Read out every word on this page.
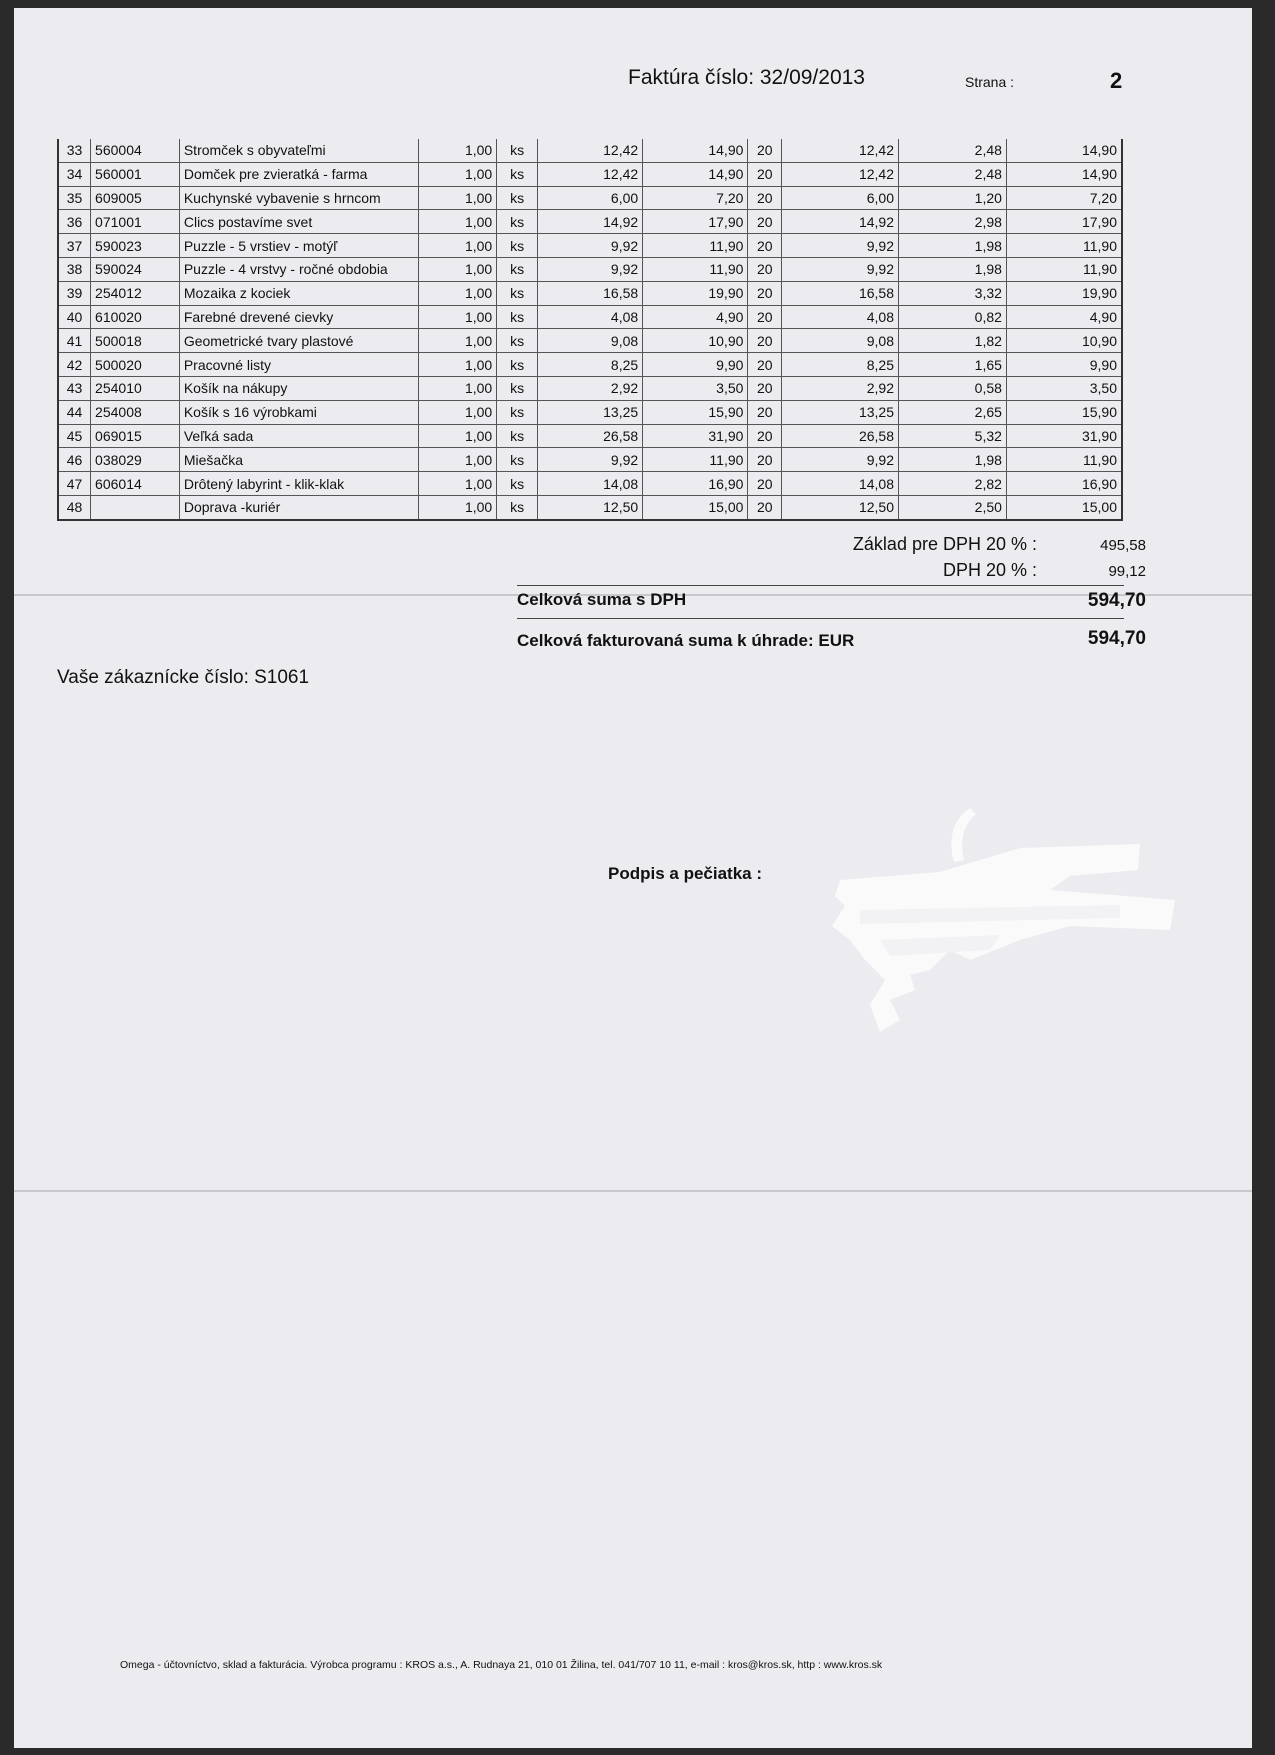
Faktúra číslo: 32/09/2013	Strana :	2
33	560004	Stromček s obyvateľmi	1,00	ks	12,42	14,90	20	12,42	2,48	14,90
34	560001	Domček pre zvieratká - farma	1,00	ks	12,42	14,90	20	12,42	2,48	14,90
35	609005	Kuchynské vybavenie s hrncom	1,00	ks	6,00	7,20	20	6,00	1,20	7,20
36	071001	Clics postavíme svet	1,00	ks	14,92	17,90	20	14,92	2,98	17,90
37	590023	Puzzle - 5 vrstiev - motýľ	1,00	ks	9,92	11,90	20	9,92	1,98	11,90
38	590024	Puzzle - 4 vrstvy - ročné obdobia	1,00	ks	9,92	11,90	20	9,92	1,98	11,90
39	254012	Mozaika z kociek	1,00	ks	16,58	19,90	20	16,58	3,32	19,90
40	610020	Farebné drevené cievky	1,00	ks	4,08	4,90	20	4,08	0,82	4,90
41	500018	Geometrické tvary plastové	1,00	ks	9,08	10,90	20	9,08	1,82	10,90
42	500020	Pracovné listy	1,00	ks	8,25	9,90	20	8,25	1,65	9,90
43	254010	Košík na nákupy	1,00	ks	2,92	3,50	20	2,92	0,58	3,50
44	254008	Košík s 16 výrobkami	1,00	ks	13,25	15,90	20	13,25	2,65	15,90
45	069015	Veľká sada	1,00	ks	26,58	31,90	20	26,58	5,32	31,90
46	038029	Miešačka	1,00	ks	9,92	11,90	20	9,92	1,98	11,90
47	606014	Drôtený labyrint - klik-klak	1,00	ks	14,08	16,90	20	14,08	2,82	16,90
48		Doprava -kuriér	1,00	ks	12,50	15,00	20	12,50	2,50	15,00
Základ pre DPH 20 % :	495,58
DPH 20 % :	99,12
Celková suma s DPH	594,70
Celková fakturovaná suma k úhrade: EUR	594,70
Vaše zákaznícke číslo: S1061
Podpis a pečiatka :
Omega - účtovníctvo, sklad a fakturácia. Výrobca programu : KROS a.s., A. Rudnaya 21, 010 01 Žilina, tel. 041/707 10 11, e-mail : kros@kros.sk, http : www.kros.sk
